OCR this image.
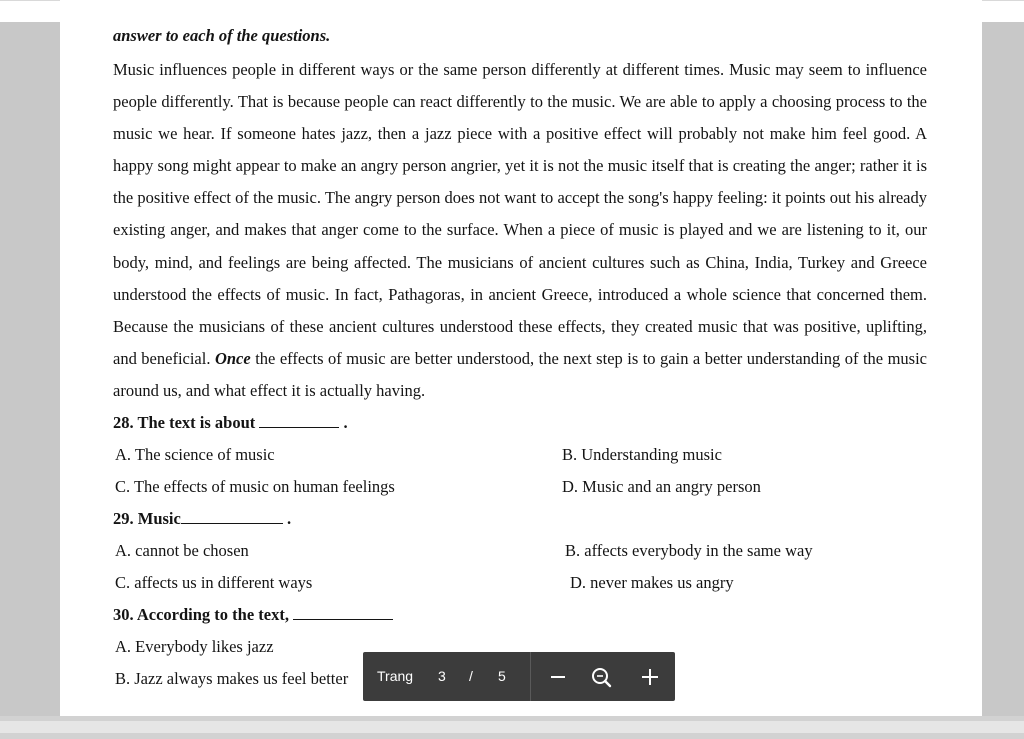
answer to each of the questions.

Music influences people in different ways or the same person differently at different times. Music may seem to influence people differently. That is because people can react differently to the music. We are able to apply a choosing process to the music we hear. If someone hates jazz, then a jazz piece with a positive effect will probably not make him feel good. A happy song might appear to make an angry person angrier, yet it is not the music itself that is creating the anger; rather it is the positive effect of the music. The angry person does not want to accept the song's happy feeling: it points out his already existing anger, and makes that anger come to the surface. When a piece of music is played and we are listening to it, our body, mind, and feelings are being affected. The musicians of ancient cultures such as China, India, Turkey and Greece understood the effects of music. In fact, Pathagoras, in ancient Greece, introduced a whole science that concerned them. Because the musicians of these ancient cultures understood these effects, they created music that was positive, uplifting, and beneficial. Once the effects of music are better understood, the next step is to gain a better understanding of the music around us, and what effect it is actually having.

28. The text is about	.

A. The science of music	B. Understanding music
C. The effects of music on human feelings	D. Music and an angry person

29. Music	.

A. cannot be chosen	B. affects everybody in the same way
C. affects us in different ways	D. never makes us angry

30. According to the text,

A. Everybody likes jazz
B. Jazz always makes us feel better Trang 3 / 5
